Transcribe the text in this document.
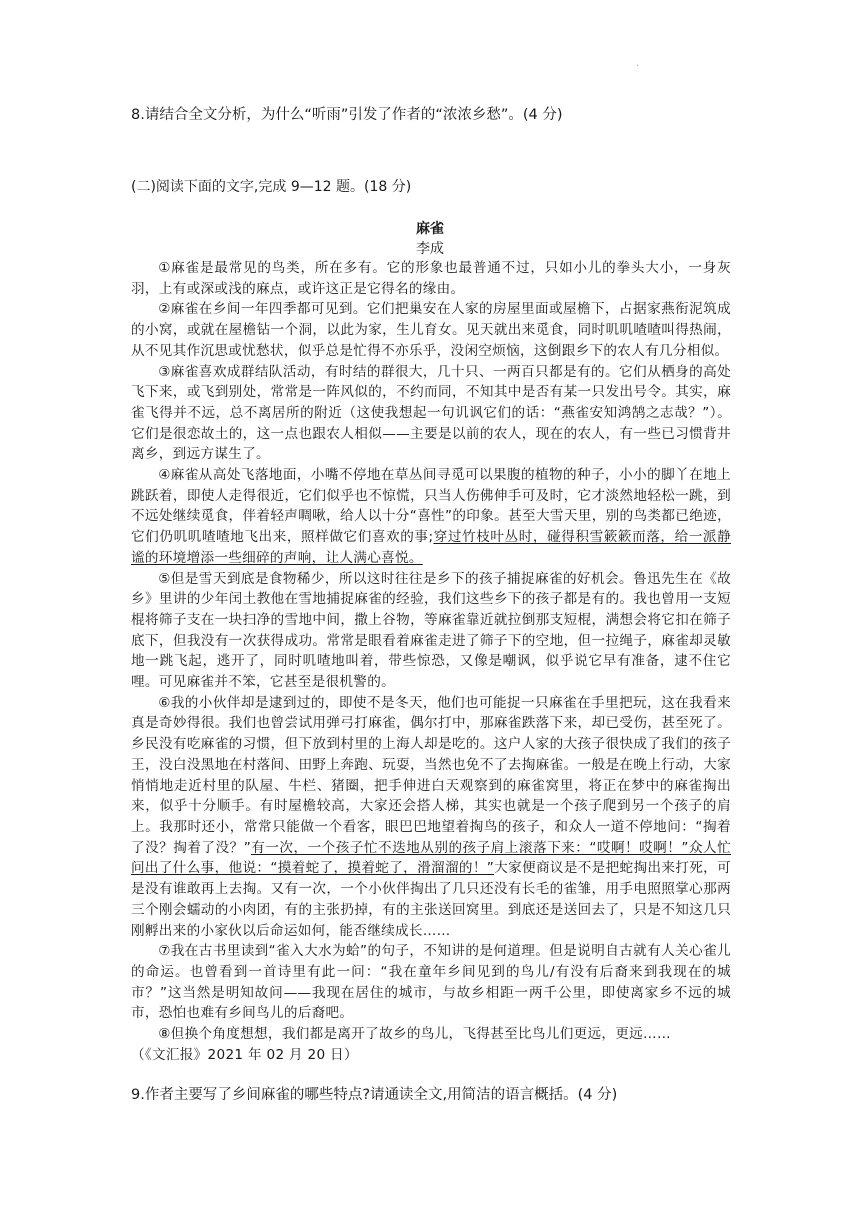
.
8.请结合全文分析，为什么“听雨”引发了作者的“浓浓乡愁”。(4 分)
(二)阅读下面的文字,完成 9—12 题。(18 分)
麻雀
李成

①麻雀是最常见的鸟类，所在多有。它的形象也最普通不过，只如小儿的拳头大小，一身灰羽，上有或深或浅的麻点，或许这正是它得名的缘由。

②麻雀在乡间一年四季都可见到。它们把巢安在人家的房屋里面或屋檐下，占据家燕衔泥筑成的小窝，或就在屋檐钻一个洞，以此为家，生儿育女。见天就出来觅食，同时叽叽喳喳叫得热闹，从不见其作沉思或忧愁状，似乎总是忙得不亦乐乎，没闲空烦恼，这倒跟乡下的农人有几分相似。

③麻雀喜欢成群结队活动，有时结的群很大，几十只、一两百只都是有的。它们从栖身的高处飞下来，或飞到别处，常常是一阵风似的，不约而同，不知其中是否有某一只发出号令。其实，麻雀飞得并不远，总不离居所的附近（这使我想起一句讥讽它们的话：“燕雀安知鸿鹄之志哉？”）。它们是很恋故土的，这一点也跟农人相似——主要是以前的农人，现在的农人，有一些已习惯背井离乡，到远方谋生了。

④麻雀从高处飞落地面，小嘴不停地在草丛间寻觅可以果腹的植物的种子，小小的脚丫在地上跳跃着，即使人走得很近，它们似乎也不惊慌，只当人伤佛伸手可及时，它才淡然地轻松一跳，到不远处继续觅食，伴着轻声啁啾，给人以十分“喜性”的印象。甚至大雪天里，别的鸟类都已绝迹，它们仍叽叽喳喳地飞出来，照样做它们喜欢的事;穿过竹枝叶丛时，碰得积雪簌簌而落，给一派静谧的环境增添一些细碎的声响，让人满心喜悦。

⑤但是雪天到底是食物稀少，所以这时往往是乡下的孩子捕捉麻雀的好机会。鲁迅先生在《故乡》里讲的少年闰土教他在雪地捕捉麻雀的经验，我们这些乡下的孩子都是有的。我也曾用一支短棍将筛子支在一块扫净的雪地中间，撒上谷物，等麻雀靠近就拉倒那支短棍，满想会将它扣在筛子底下，但我没有一次获得成功。常常是眼看着麻雀走进了筛子下的空地，但一拉绳子，麻雀却灵敏地一跳飞起，逃开了，同时叽喳地叫着，带些惊恐，又像是嘲讽，似乎说它早有准备，逮不住它哩。可见麻雀并不笨，它甚至是很机警的。

⑥我的小伙伴却是逮到过的，即使不是冬天，他们也可能捉一只麻雀在手里把玩，这在我看来真是奇妙得很。我们也曾尝试用弹弓打麻雀，偶尔打中，那麻雀跌落下来，却已受伤，甚至死了。乡民没有吃麻雀的习惯，但下放到村里的上海人却是吃的。这户人家的大孩子很快成了我们的孩子王，没白没黑地在村落间、田野上奔跑、玩耍，当然也免不了去掏麻雀。一般是在晚上行动，大家悄悄地走近村里的队屋、牛栏、猪圈，把手伸进白天观察到的麻雀窝里，将正在梦中的麻雀掏出来，似乎十分顺手。有时屋檐较高，大家还会搭人梯，其实也就是一个孩子爬到另一个孩子的肩上。我那时还小，常常只能做一个看客，眼巴巴地望着掏鸟的孩子，和众人一道不停地问：“掏着了没？掏着了没？”有一次，一个孩子忙不迭地从别的孩子肩上滚落下来：“哎啊！哎啊！”众人忙问出了什么事，他说：“摸着蛇了，摸着蛇了，滑溜溜的！”大家便商议是不是把蛇掏出来打死，可是没有谁敢再上去掏。又有一次，一个小伙伴掏出了几只还没有长毛的雀雏，用手电照照掌心那两三个刚会蠕动的小肉团，有的主张扔掉，有的主张送回窝里。到底还是送回去了，只是不知这几只刚孵出来的小家伙以后命运如何，能否继续成长……

⑦我在古书里读到“雀入大水为蛤”的句子，不知讲的是何道理。但是说明自古就有人关心雀儿的命运。也曾看到一首诗里有此一问：“我在童年乡间见到的鸟儿/有没有后裔来到我现在的城市？”这当然是明知故问——我现在居住的城市，与故乡相距一两千公里，即使离家乡不远的城市，恐怕也难有乡间鸟儿的后裔吧。

⑧但换个角度想想，我们都是离开了故乡的鸟儿，飞得甚至比鸟儿们更远，更远……

（《文汇报》2021 年 02 月 20 日）

9.作者主要写了乡间麻雀的哪些特点?请通读全文,用简洁的语言概括。(4 分)
